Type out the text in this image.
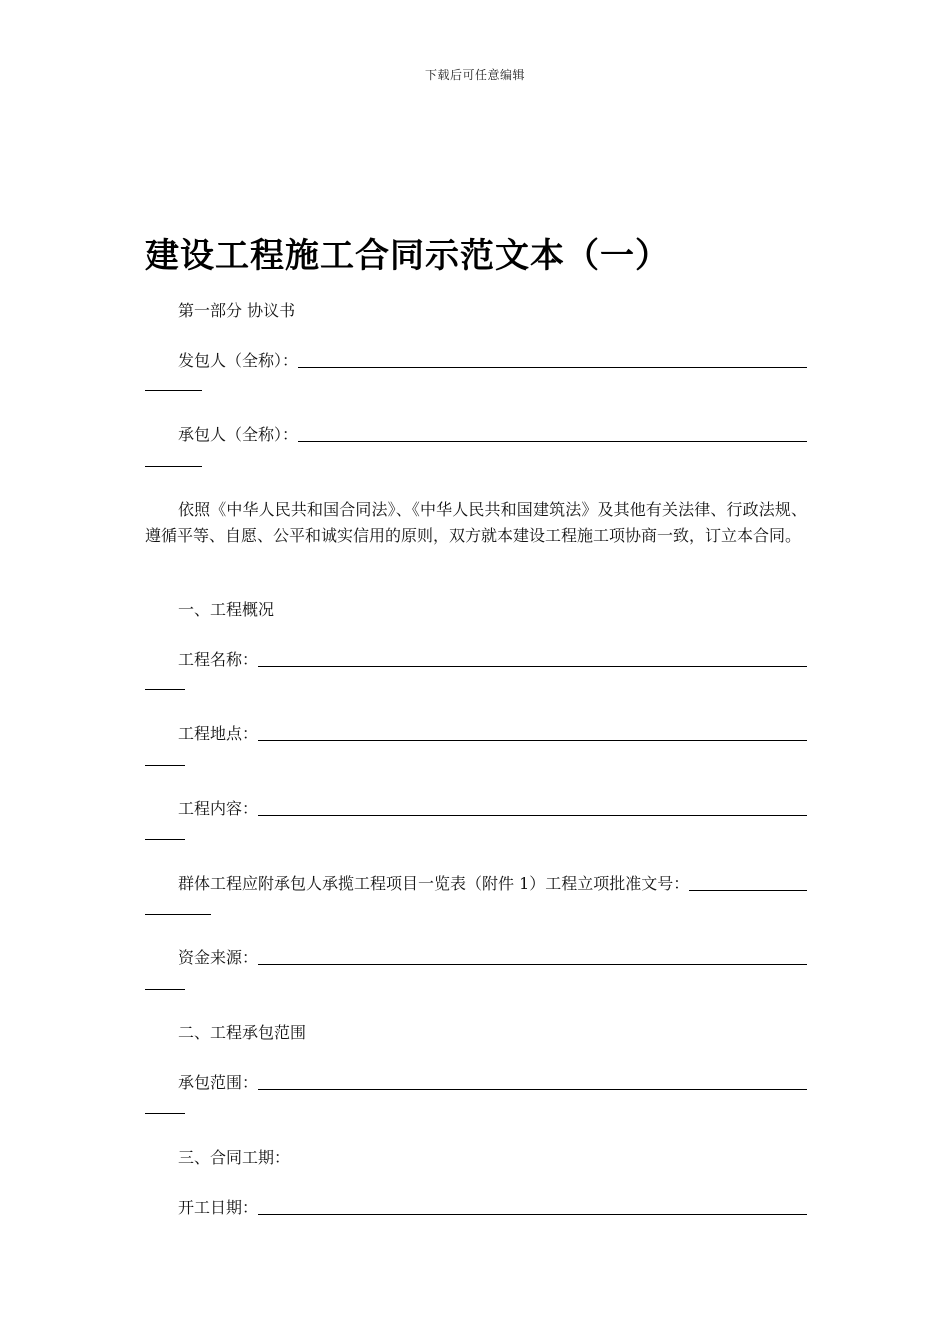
下载后可任意编辑
建设工程施工合同示范文本（一）
第一部分 协议书
发包人（全称）：
承包人（全称）：
依照《中华人民共和国合同法》、《中华人民共和国建筑法》及其他有关法律、行政法规、遵循平等、自愿、公平和诚实信用的原则，双方就本建设工程施工项协商一致，订立本合同。
一、工程概况
工程名称：
工程地点：
工程内容：
群体工程应附承包人承揽工程项目一览表（附件 1）工程立项批准文号：
资金来源：
二、工程承包范围
承包范围：
三、合同工期：
开工日期：
